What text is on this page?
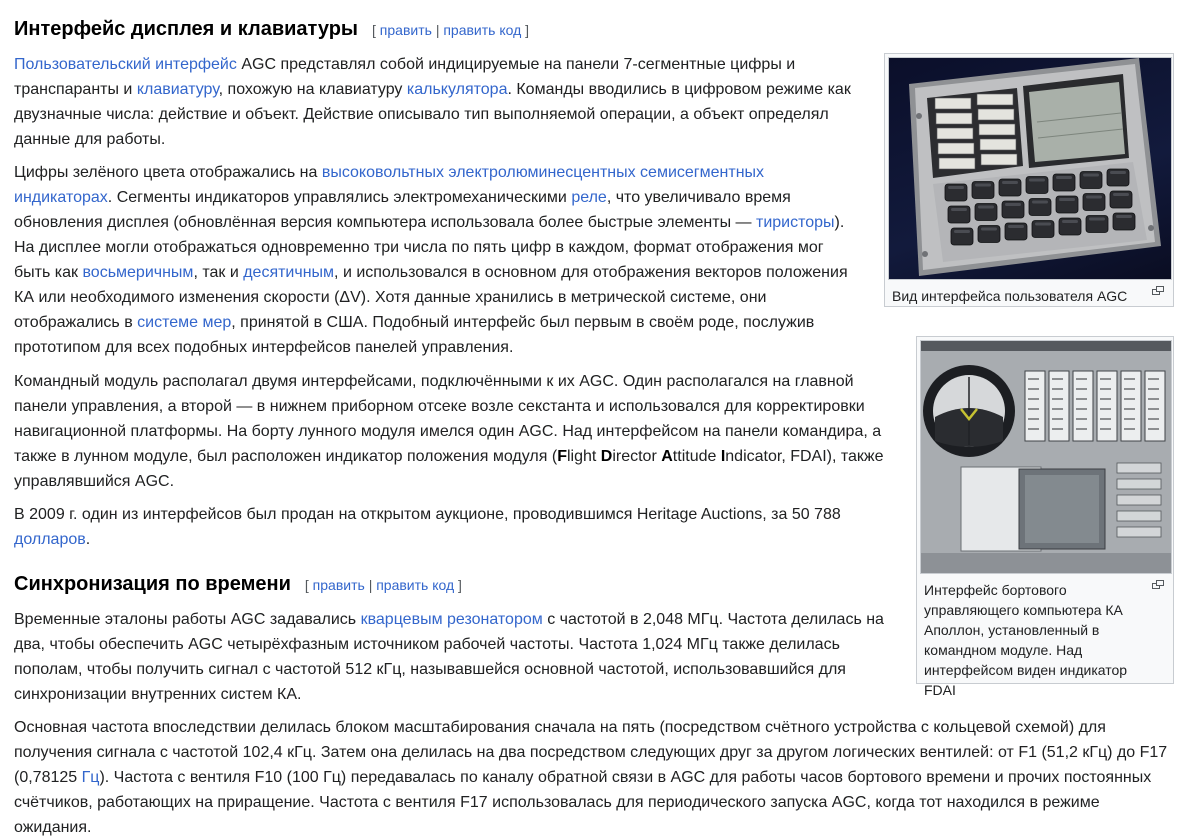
Интерфейс дисплея и клавиатуры [ править | править код ]

Пользовательский интерфейс AGC представлял собой индицируемые на панели 7-сегментные цифры и транспаранты и клавиатуру, похожую на клавиатуру калькулятора. Команды вводились в цифровом режиме как двузначные числа: действие и объект. Действие описывало тип выполняемой операции, а объект определял данные для работы.

Цифры зелёного цвета отображались на высоковольтных электролюминесцентных семисегментных индикаторах. Сегменты индикаторов управлялись электромеханическими реле, что увеличивало время обновления дисплея (обновлённая версия компьютера использовала более быстрые элементы — тиристоры). На дисплее могли отображаться одновременно три числа по пять цифр в каждом, формат отображения мог быть как восьмеричным, так и десятичным, и использовался в основном для отображения векторов положения КА или необходимого изменения скорости (ΔV). Хотя данные хранились в метрической системе, они отображались в системе мер, принятой в США. Подобный интерфейс был первым в своём роде, послужив прототипом для всех подобных интерфейсов панелей управления.

Командный модуль располагал двумя интерфейсами, подключёнными к их AGC. Один располагался на главной панели управления, а второй — в нижнем приборном отсеке возле секстанта и использовался для корректировки навигационной платформы. На борту лунного модуля имелся один AGC. Над интерфейсом на панели командира, а также в лунном модуле, был расположен индикатор положения модуля (Flight Director Attitude Indicator, FDAI), также управлявшийся AGC.

В 2009 г. один из интерфейсов был продан на открытом аукционе, проводившимся Heritage Auctions, за 50 788 долларов.

Синхронизация по времени [ править | править код ]

Временные эталоны работы AGC задавались кварцевым резонатором с частотой в 2,048 МГц. Частота делилась на два, чтобы обеспечить AGC четырёхфазным источником рабочей частоты. Частота 1,024 МГц также делилась пополам, чтобы получить сигнал с частотой 512 кГц, называвшейся основной частотой, использовавшийся для синхронизации внутренних систем КА.

Основная частота впоследствии делилась блоком масштабирования сначала на пять (посредством счётного устройства с кольцевой схемой) для получения сигнала с частотой 102,4 кГц. Затем она делилась на два посредством следующих друг за другом логических вентилей: от F1 (51,2 кГц) до F17 (0,78125 Гц). Частота с вентиля F10 (100 Гц) передавалась по каналу обратной связи в AGC для работы часов бортового времени и прочих постоянных счётчиков, работающих на приращение. Частота с вентиля F17 использовалась для периодического запуска AGC, когда тот находился в режиме ожидания.

Вид интерфейса пользователя AGC
Интерфейс бортового управляющего компьютера КА Аполлон, установленный в командном модуле. Над интерфейсом виден индикатор FDAI
